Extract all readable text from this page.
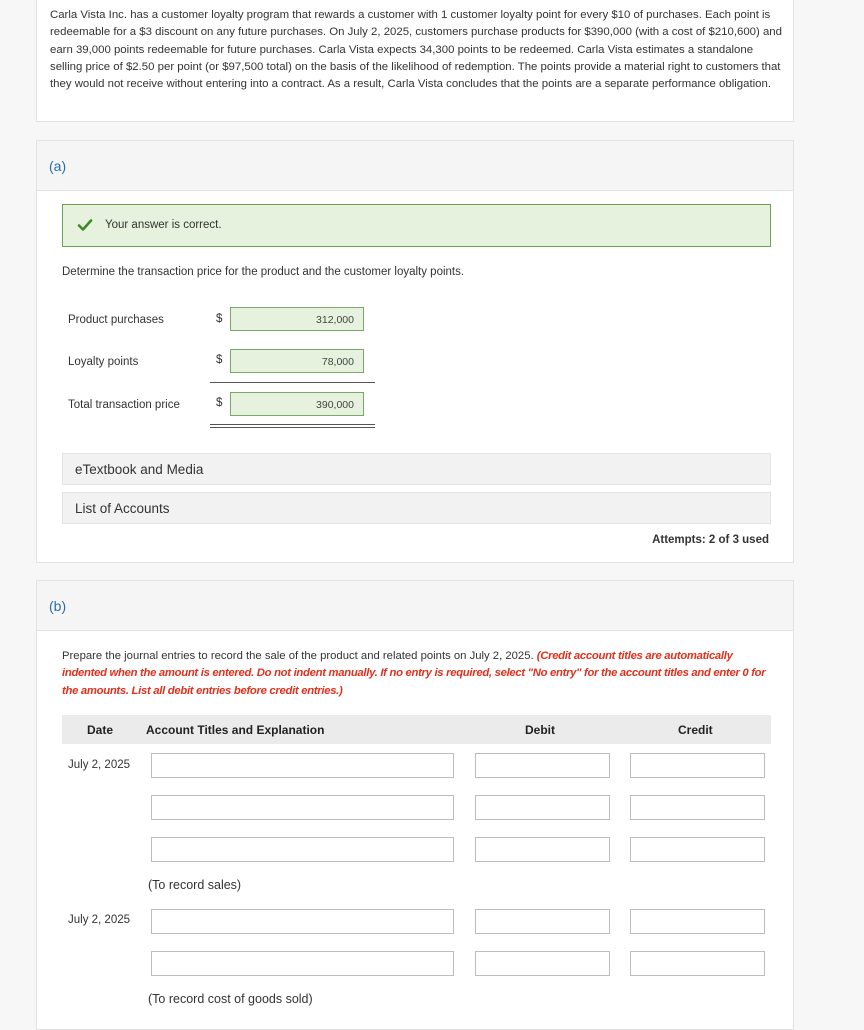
Carla Vista Inc. has a customer loyalty program that rewards a customer with 1 customer loyalty point for every $10 of purchases. Each point is redeemable for a $3 discount on any future purchases. On July 2, 2025, customers purchase products for $390,000 (with a cost of $210,600) and earn 39,000 points redeemable for future purchases. Carla Vista expects 34,300 points to be redeemed. Carla Vista estimates a standalone selling price of $2.50 per point (or $97,500 total) on the basis of the likelihood of redemption. The points provide a material right to customers that they would not receive without entering into a contract. As a result, Carla Vista concludes that the points are a separate performance obligation.

(a)
Your answer is correct.
Determine the transaction price for the product and the customer loyalty points.
Product purchases	$	312,000
Loyalty points	$	78,000
Total transaction price	$	390,000
eTextbook and Media
List of Accounts
Attempts: 2 of 3 used
(b)
Prepare the journal entries to record the sale of the product and related points on July 2, 2025. (Credit account titles are automatically indented when the amount is entered. Do not indent manually. If no entry is required, select "No entry" for the account titles and enter 0 for the amounts. List all debit entries before credit entries.)
Date	Account Titles and Explanation	Debit	Credit
July 2, 2025
(To record sales)
July 2, 2025
(To record cost of goods sold)
